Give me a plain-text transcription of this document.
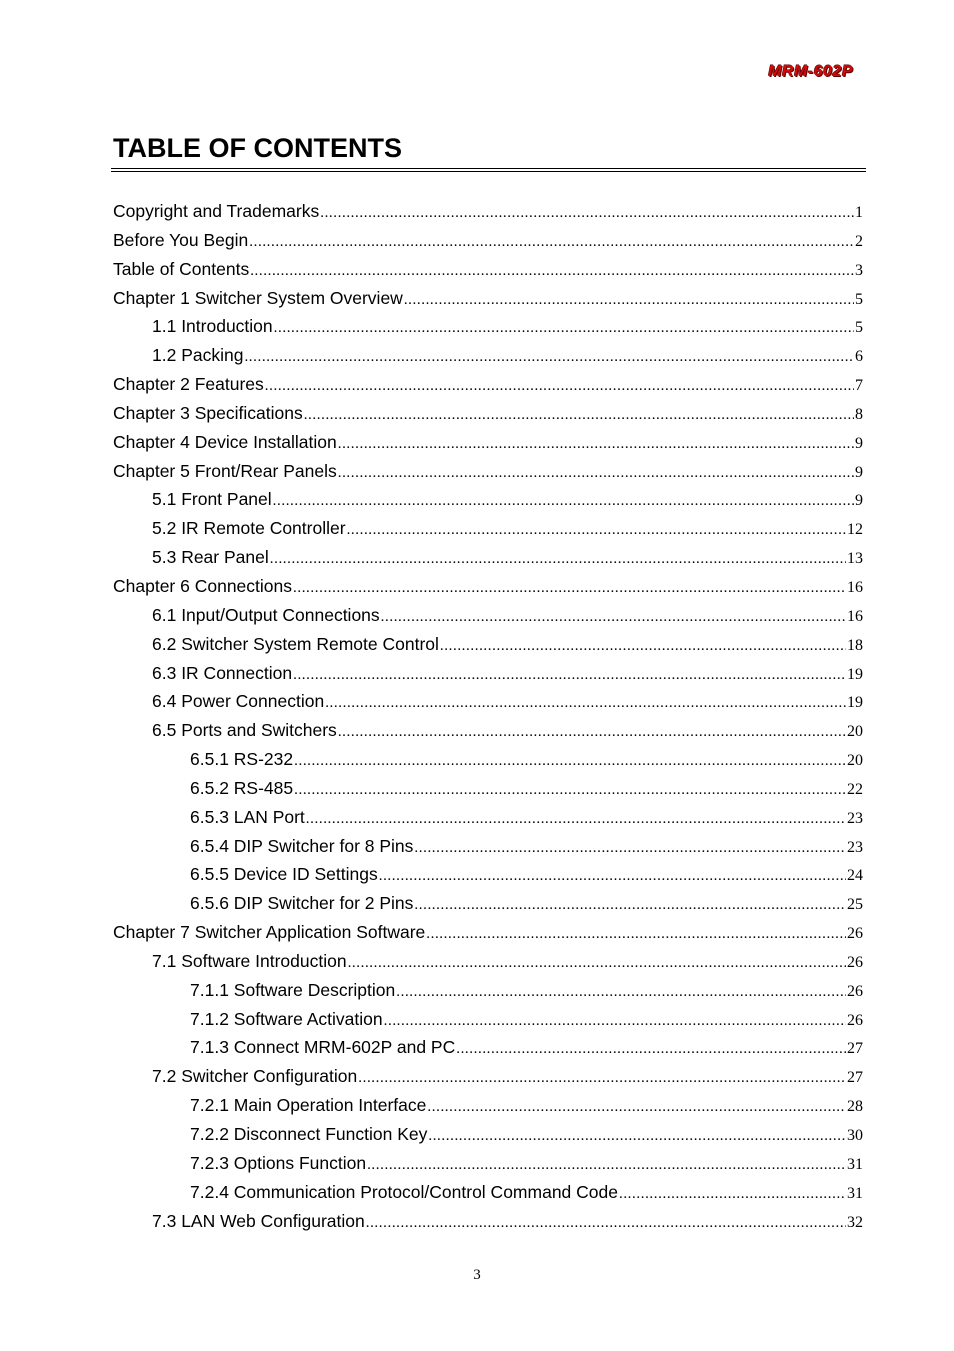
MRM-602P
TABLE OF CONTENTS
Copyright and Trademarks .....	1
Before You Begin .....	2
Table of Contents .....	3
Chapter 1 Switcher System Overview .....	5
1.1 Introduction .....	5
1.2 Packing .....	6
Chapter 2 Features .....	7
Chapter 3 Specifications .....	8
Chapter 4 Device Installation .....	9
Chapter 5 Front/Rear Panels .....	9
5.1 Front Panel .....	9
5.2 IR Remote Controller .....	12
5.3 Rear Panel .....	13
Chapter 6 Connections .....	16
6.1 Input/Output Connections .....	16
6.2 Switcher System Remote Control .....	18
6.3 IR Connection .....	19
6.4 Power Connection .....	19
6.5 Ports and Switchers .....	20
6.5.1 RS-232 .....	20
6.5.2 RS-485 .....	22
6.5.3 LAN Port .....	23
6.5.4 DIP Switcher for 8 Pins .....	23
6.5.5 Device ID Settings .....	24
6.5.6 DIP Switcher for 2 Pins .....	25
Chapter 7 Switcher Application Software .....	26
7.1 Software Introduction .....	26
7.1.1 Software Description .....	26
7.1.2 Software Activation .....	26
7.1.3 Connect MRM-602P and PC .....	27
7.2 Switcher Configuration .....	27
7.2.1 Main Operation Interface .....	28
7.2.2 Disconnect Function Key .....	30
7.2.3 Options Function .....	31
7.2.4 Communication Protocol/Control Command Code .....	31
7.3 LAN Web Configuration .....	32
3
